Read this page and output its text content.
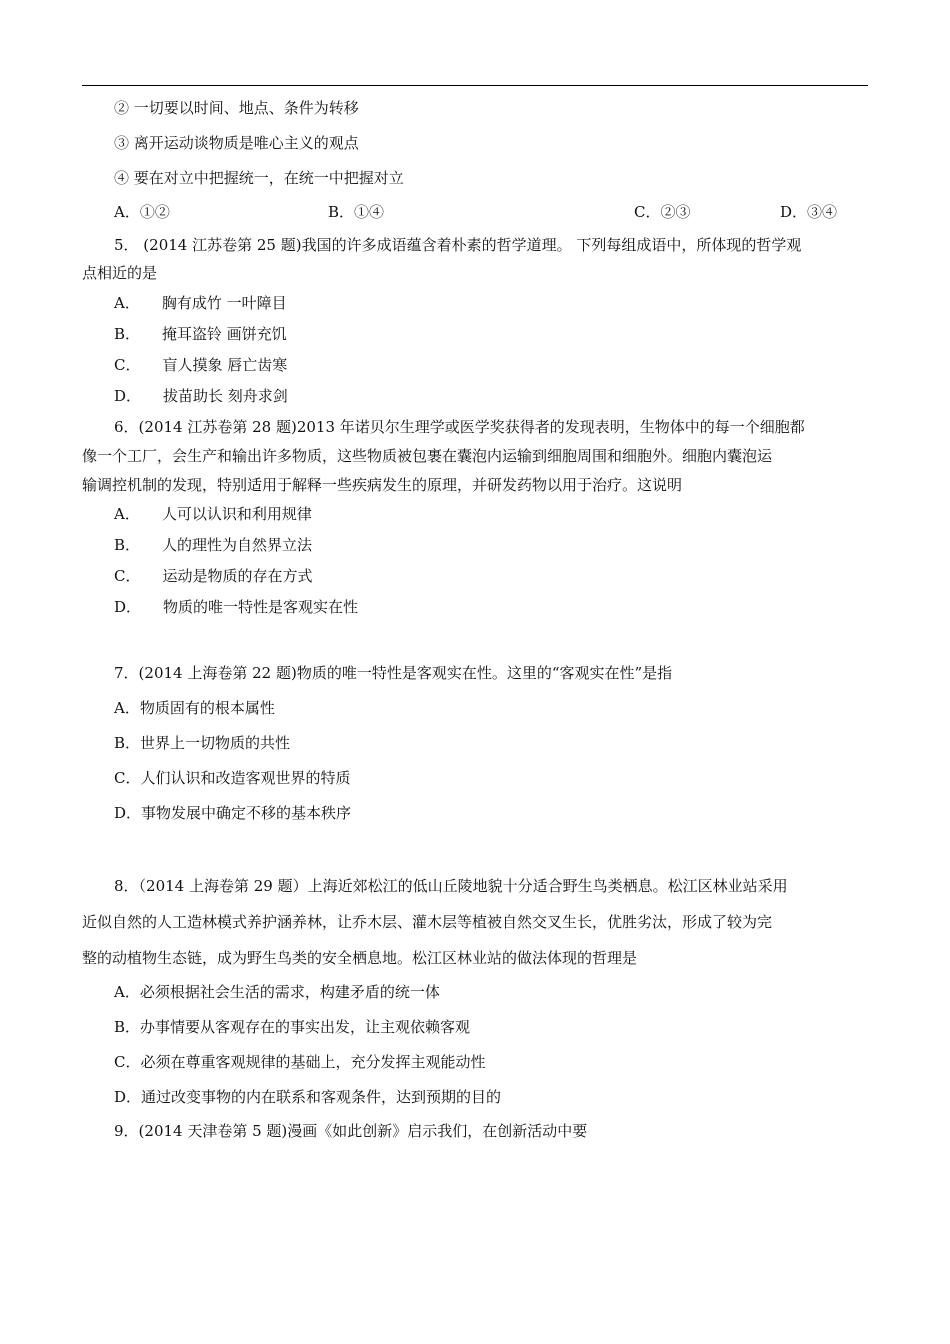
② 一切要以时间、地点、条件为转移
③ 离开运动谈物质是唯心主义的观点
④ 要在对立中把握统一，在统一中把握对立
A．①②	B．①④	C．②③	D．③④
5． (2014 江苏卷第 25 题)我国的许多成语蕴含着朴素的哲学道理。 下列每组成语中，所体现的哲学观
点相近的是
A． 胸有成竹 一叶障目
B． 掩耳盗铃 画饼充饥
C． 盲人摸象 唇亡齿寒
D． 拔苗助长 刻舟求剑
6．(2014 江苏卷第 28 题)2013 年诺贝尔生理学或医学奖获得者的发现表明，生物体中的每一个细胞都
像一个工厂，会生产和输出许多物质，这些物质被包裹在囊泡内运输到细胞周围和细胞外。细胞内囊泡运
输调控机制的发现，特别适用于解释一些疾病发生的原理，并研发药物以用于治疗。这说明
A． 人可以认识和利用规律
B． 人的理性为自然界立法
C． 运动是物质的存在方式
D． 物质的唯一特性是客观实在性
7．(2014 上海卷第 22 题)物质的唯一特性是客观实在性。这里的“客观实在性”是指
A．物质固有的根本属性
B．世界上一切物质的共性
C．人们认识和改造客观世界的特质
D．事物发展中确定不移的基本秩序
8．（2014 上海卷第 29 题）上海近郊松江的低山丘陵地貌十分适合野生鸟类栖息。松江区林业站采用
近似自然的人工造林模式养护涵养林，让乔木层、灌木层等植被自然交叉生长，优胜劣汰，形成了较为完
整的动植物生态链，成为野生鸟类的安全栖息地。松江区林业站的做法体现的哲理是
A．必须根据社会生活的需求，构建矛盾的统一体
B．办事情要从客观存在的事实出发，让主观依赖客观
C．必须在尊重客观规律的基础上，充分发挥主观能动性
D．通过改变事物的内在联系和客观条件，达到预期的目的
9．(2014 天津卷第 5 题)漫画《如此创新》启示我们，在创新活动中要
